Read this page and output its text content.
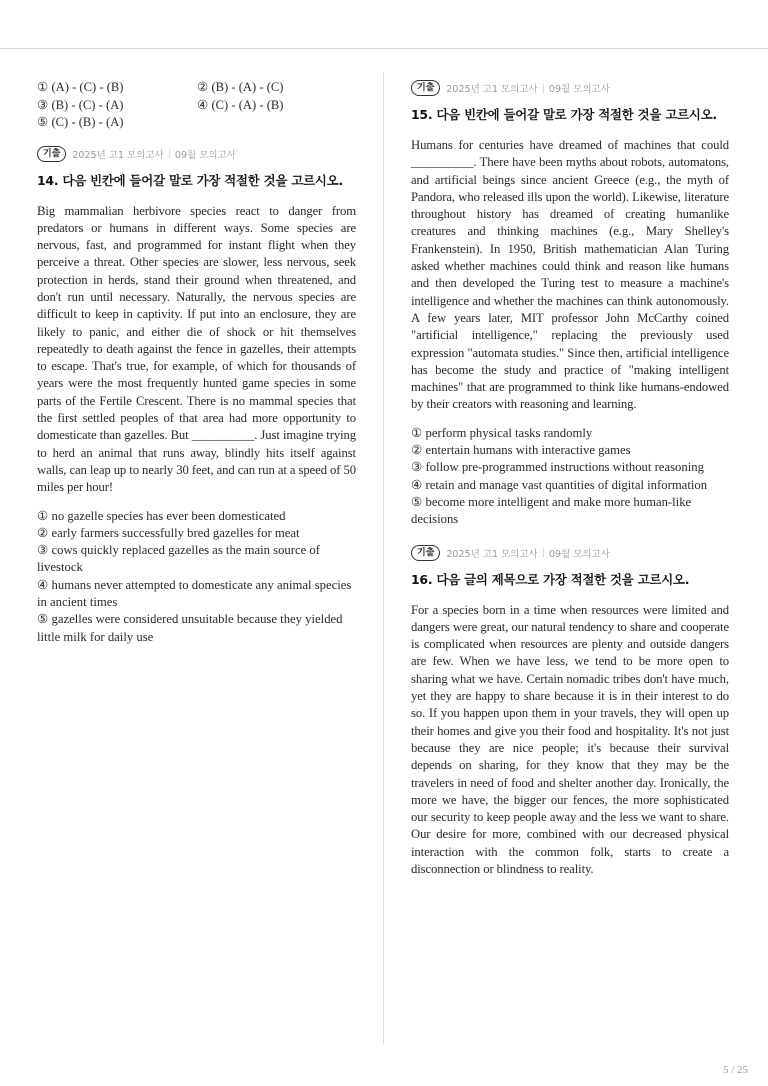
① (A) - (C) - (B)	② (B) - (A) - (C)
③ (B) - (C) - (A)	④ (C) - (A) - (B)
⑤ (C) - (B) - (A)
기출	2025년 고1 모의고사 | 09월 모의고사
14. 다음 빈칸에 들어갈 말로 가장 적절한 것을 고르시오.
Big mammalian herbivore species react to danger from predators or humans in different ways. Some species are nervous, fast, and programmed for instant flight when they perceive a threat. Other species are slower, less nervous, seek protection in herds, stand their ground when threatened, and don't run until necessary. Naturally, the nervous species are difficult to keep in captivity. If put into an enclosure, they are likely to panic, and either die of shock or hit themselves repeatedly to death against the fence in gazelles, their attempts to escape. That's true, for example, of which for thousands of years were the most frequently hunted game species in some parts of the Fertile Crescent. There is no mammal species that the first settled peoples of that area had more opportunity to domesticate than gazelles. But __________. Just imagine trying to herd an animal that runs away, blindly hits itself against walls, can leap up to nearly 30 feet, and can run at a speed of 50 miles per hour!
① no gazelle species has ever been domesticated
② early farmers successfully bred gazelles for meat
③ cows quickly replaced gazelles as the main source of livestock
④ humans never attempted to domesticate any animal species in ancient times
⑤ gazelles were considered unsuitable because they yielded little milk for daily use
기출	2025년 고1 모의고사 | 09월 모의고사
15. 다음 빈칸에 들어갈 말로 가장 적절한 것을 고르시오.
Humans for centuries have dreamed of machines that could __________. There have been myths about robots, automatons, and artificial beings since ancient Greece (e.g., the myth of Pandora, who released ills upon the world). Likewise, literature throughout history has dreamed of creating humanlike creatures and thinking machines (e.g., Mary Shelley's Frankenstein). In 1950, British mathematician Alan Turing asked whether machines could think and reason like humans and then developed the Turing test to measure a machine's intelligence and whether the machines can think autonomously. A few years later, MIT professor John McCarthy coined "artificial intelligence," replacing the previously used expression "automata studies." Since then, artificial intelligence has become the study and practice of "making intelligent machines" that are programmed to think like humans-endowed by their creators with reasoning and learning.
① perform physical tasks randomly
② entertain humans with interactive games
③ follow pre-programmed instructions without reasoning
④ retain and manage vast quantities of digital information
⑤ become more intelligent and make more human-like decisions
기출	2025년 고1 모의고사 | 09월 모의고사
16. 다음 글의 제목으로 가장 적절한 것을 고르시오.
For a species born in a time when resources were limited and dangers were great, our natural tendency to share and cooperate is complicated when resources are plenty and outside dangers are few. When we have less, we tend to be more open to sharing what we have. Certain nomadic tribes don't have much, yet they are happy to share because it is in their interest to do so. If you happen upon them in your travels, they will open up their homes and give you their food and hospitality. It's not just because they are nice people; it's because their survival depends on sharing, for they know that they may be the travelers in need of food and shelter another day. Ironically, the more we have, the bigger our fences, the more sophisticated our security to keep people away and the less we want to share. Our desire for more, combined with our decreased physical interaction with the common folk, starts to create a disconnection or blindness to reality.
5 / 25
